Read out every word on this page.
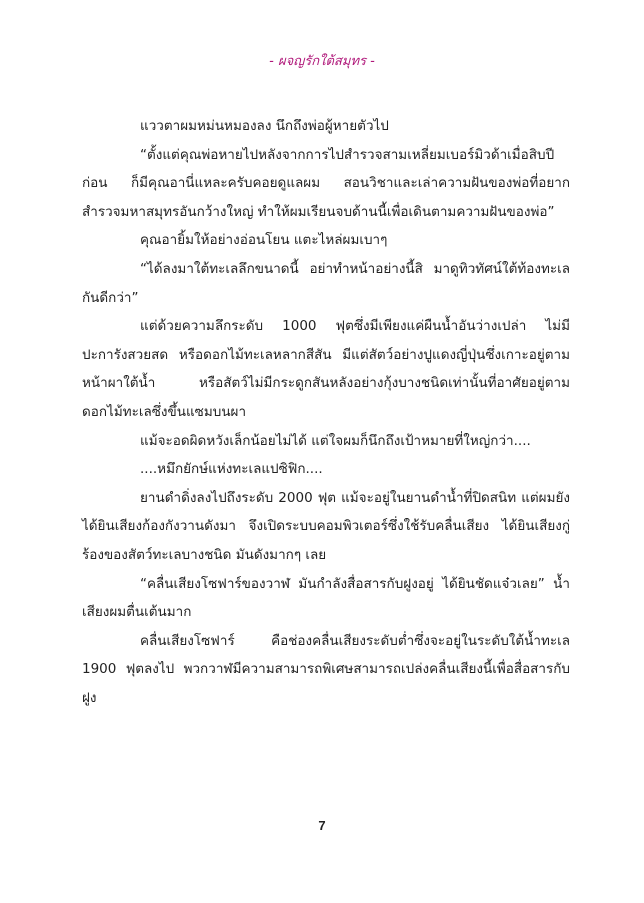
- ผจญรักใต้สมุทร -

แววตาผมหม่นหมองลง นึกถึงพ่อผู้หายตัวไป

“ตั้งแต่คุณพ่อหายไปหลังจากการไปสำรวจสามเหลี่ยมเบอร์มิวด้าเมื่อสิบปีก่อน ก็มีคุณอานี่แหละครับคอยดูแลผม สอนวิชาและเล่าความฝันของพ่อที่อยากสำรวจมหาสมุทรอันกว้างใหญ่ ทำให้ผมเรียนจบด้านนี้เพื่อเดินตามความฝันของพ่อ”

คุณอายิ้มให้อย่างอ่อนโยน แตะไหล่ผมเบาๆ

“ได้ลงมาใต้ทะเลลึกขนาดนี้ อย่าทำหน้าอย่างนี้สิ มาดูทิวทัศน์ใต้ท้องทะเลกันดีกว่า”

แต่ด้วยความลึกระดับ 1000 ฟุตซึ่งมีเพียงแค่ผืนน้ำอันว่างเปล่า ไม่มีปะการังสวยสด หรือดอกไม้ทะเลหลากสีสัน มีแต่สัตว์อย่างปูแดงญี่ปุ่นซึ่งเกาะอยู่ตามหน้าผาใต้น้ำ หรือสัตว์ไม่มีกระดูกสันหลังอย่างกุ้งบางชนิดเท่านั้นที่อาศัยอยู่ตามดอกไม้ทะเลซึ่งขึ้นแซมบนผา

แม้จะอดผิดหวังเล็กน้อยไม่ได้ แต่ใจผมก็นึกถึงเป้าหมายที่ใหญ่กว่า....

....หมึกยักษ์แห่งทะเลแปซิฟิก....

ยานดำดิ่งลงไปถึงระดับ 2000 ฟุต แม้จะอยู่ในยานดำน้ำที่ปิดสนิท แต่ผมยังได้ยินเสียงก้องกังวานดังมา จึงเปิดระบบคอมพิวเตอร์ซึ่งใช้รับคลื่นเสียง ได้ยินเสียงกู่ร้องของสัตว์ทะเลบางชนิด มันดังมากๆ เลย

“คลื่นเสียงโซฟาร์ของวาฬ มันกำลังสื่อสารกับฝูงอยู่ ได้ยินชัดแจ๋วเลย” น้ำเสียงผมตื่นเต้นมาก

คลื่นเสียงโซฟาร์ คือช่องคลื่นเสียงระดับต่ำซึ่งจะอยู่ในระดับใต้น้ำทะเล 1900 ฟุตลงไป พวกวาฬมีความสามารถพิเศษสามารถเปล่งคลื่นเสียงนี้เพื่อสื่อสารกับฝูง

7
